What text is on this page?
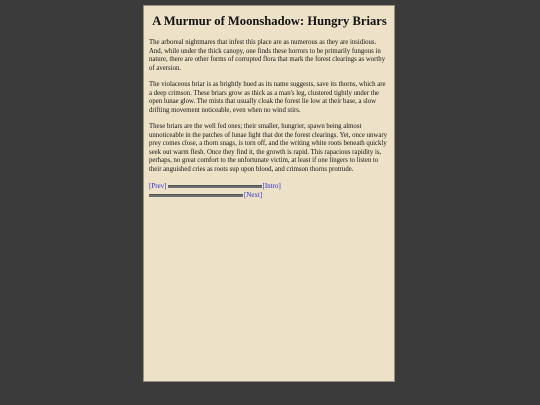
A Murmur of Moonshadow: Hungry Briars

The arboreal nightmares that infest this place are as numerous as they are insidious. And, while under the thick canopy, one finds these horrors to be primarily fungous in nature, there are other forms of corrupted flora that mark the forest clearings as worthy of aversion.

The violaceous briar is as brightly hued as its name suggests, save its thorns, which are a deep crimson. These briars grow as thick as a man's leg, clustered tightly under the open lunae glow. The mists that usually cloak the forest lie low at their base, a slow drifting movement noticeable, even when no wind stirs.

These briars are the well fed ones; their smaller, hungrier, spawn being almost unnoticeable in the patches of lunae light that dot the forest clearings. Yet, once unwary prey comes close, a thorn snags, is torn off, and the writing white roots beneath quickly seek out warm flesh. Once they find it, the growth is rapid. This rapacious rapidity is, perhaps, no great comfort to the unfortunate victim, at least if one lingers to listen to their anguished cries as roots sup upon blood, and crimson thorns protrude.

[Prev]	[Intro]
[Next]
